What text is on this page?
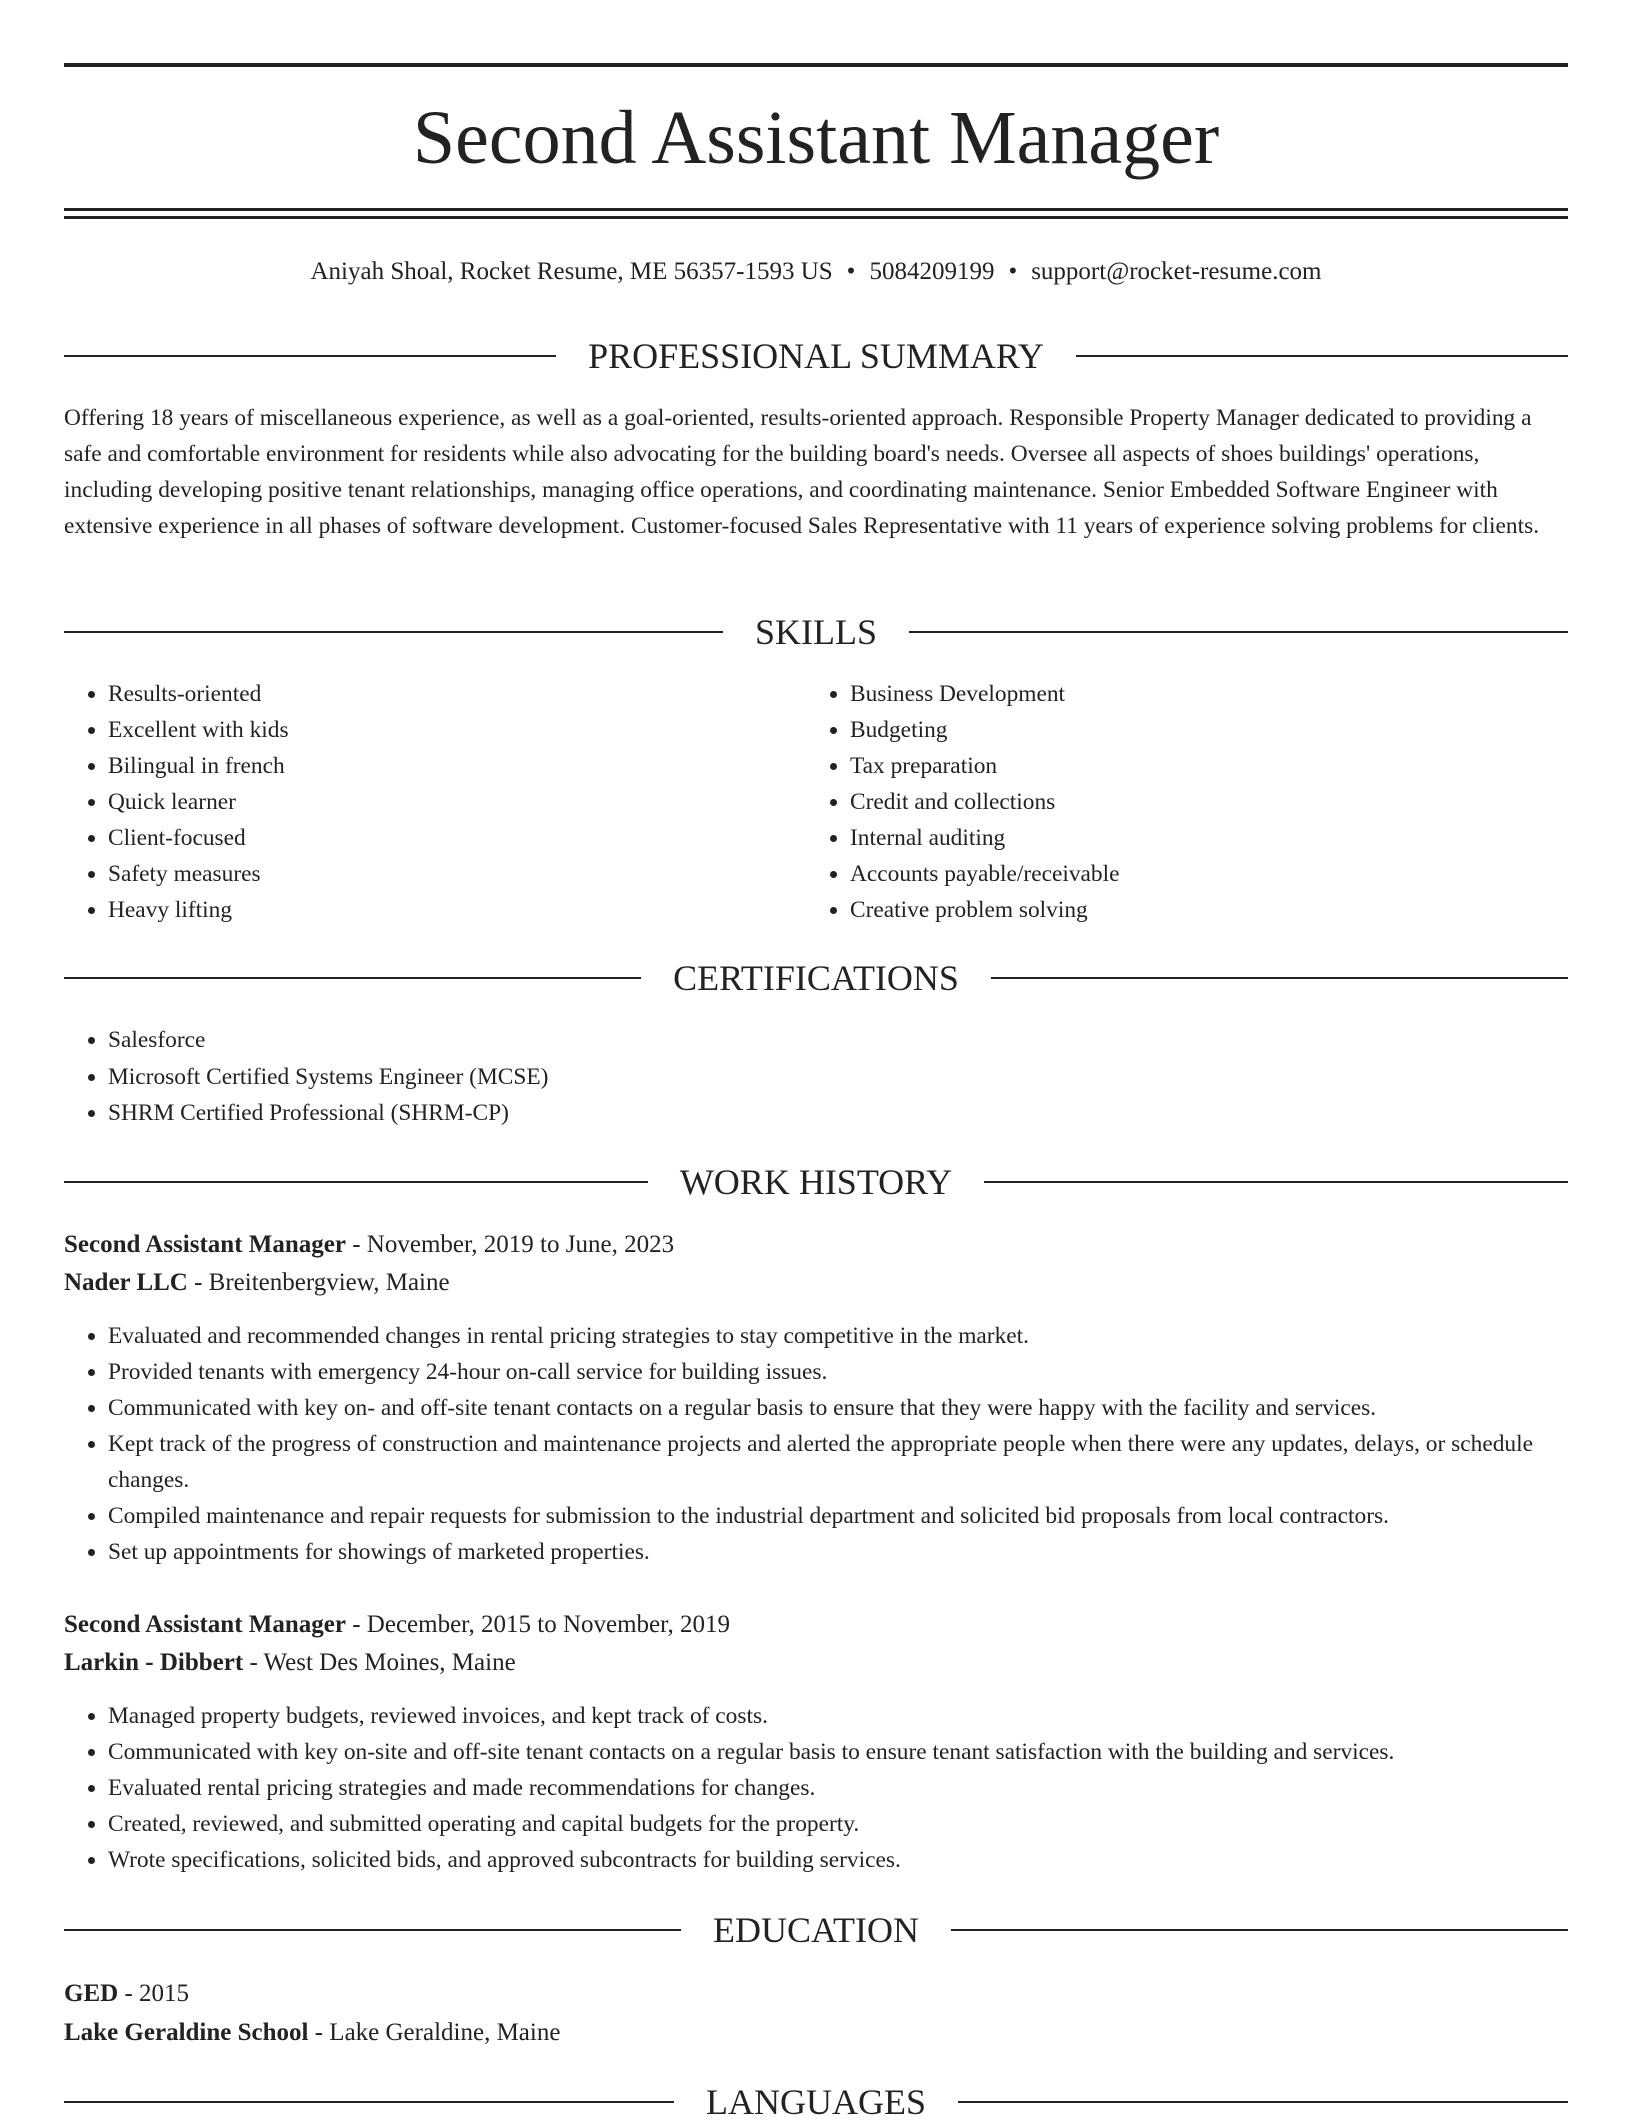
Second Assistant Manager
Aniyah Shoal, Rocket Resume, ME 56357-1593 US • 5084209199 • support@rocket-resume.com
PROFESSIONAL SUMMARY

Offering 18 years of miscellaneous experience, as well as a goal-oriented, results-oriented approach. Responsible Property Manager dedicated to providing a safe and comfortable environment for residents while also advocating for the building board's needs. Oversee all aspects of shoes buildings' operations, including developing positive tenant relationships, managing office operations, and coordinating maintenance. Senior Embedded Software Engineer with extensive experience in all phases of software development. Customer-focused Sales Representative with 11 years of experience solving problems for clients.

SKILLS
• Results-oriented
• Excellent with kids
• Bilingual in french
• Quick learner
• Client-focused
• Safety measures
• Heavy lifting
• Business Development
• Budgeting
• Tax preparation
• Credit and collections
• Internal auditing
• Accounts payable/receivable
• Creative problem solving
CERTIFICATIONS
• Salesforce
• Microsoft Certified Systems Engineer (MCSE)
• SHRM Certified Professional (SHRM-CP)
WORK HISTORY
Second Assistant Manager - November, 2019 to June, 2023
Nader LLC - Breitenbergview, Maine
• Evaluated and recommended changes in rental pricing strategies to stay competitive in the market.
• Provided tenants with emergency 24-hour on-call service for building issues.
• Communicated with key on- and off-site tenant contacts on a regular basis to ensure that they were happy with the facility and services.
• Kept track of the progress of construction and maintenance projects and alerted the appropriate people when there were any updates, delays, or schedule changes.
• Compiled maintenance and repair requests for submission to the industrial department and solicited bid proposals from local contractors.
• Set up appointments for showings of marketed properties.
Second Assistant Manager - December, 2015 to November, 2019
Larkin - Dibbert - West Des Moines, Maine
• Managed property budgets, reviewed invoices, and kept track of costs.
• Communicated with key on-site and off-site tenant contacts on a regular basis to ensure tenant satisfaction with the building and services.
• Evaluated rental pricing strategies and made recommendations for changes.
• Created, reviewed, and submitted operating and capital budgets for the property.
• Wrote specifications, solicited bids, and approved subcontracts for building services.
EDUCATION
GED - 2015
Lake Geraldine School - Lake Geraldine, Maine
LANGUAGES
